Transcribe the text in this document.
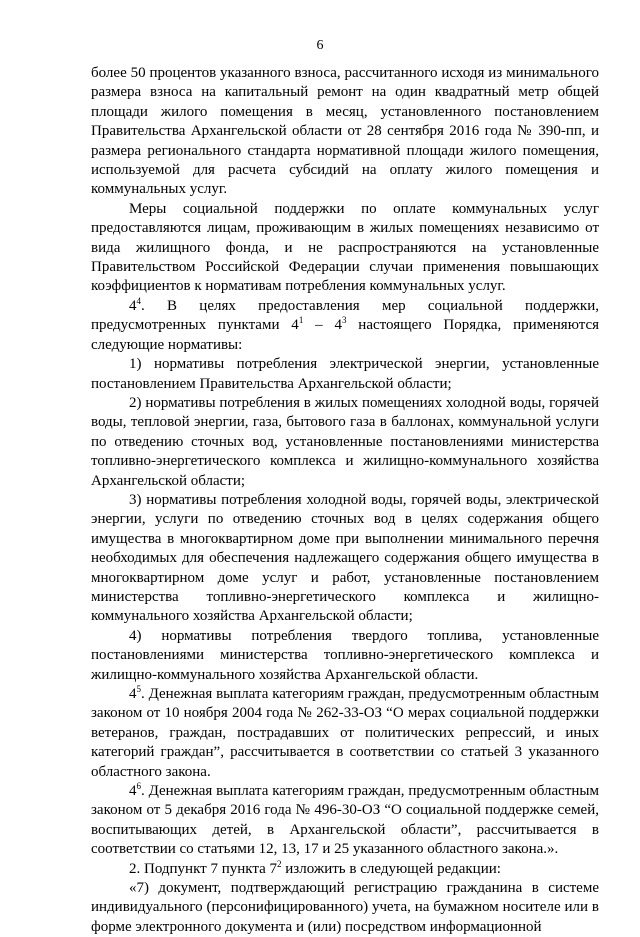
6

более 50 процентов указанного взноса, рассчитанного исходя из минимального размера взноса на капитальный ремонт на один квадратный метр общей площади жилого помещения в месяц, установленного постановлением Правительства Архангельской области от 28 сентября 2016 года № 390-пп, и размера регионального стандарта нормативной площади жилого помещения, используемой для расчета субсидий на оплату жилого помещения и коммунальных услуг.

Меры социальной поддержки по оплате коммунальных услуг предоставляются лицам, проживающим в жилых помещениях независимо от вида жилищного фонда, и не распространяются на установленные Правительством Российской Федерации случаи применения повышающих коэффициентов к нормативам потребления коммунальных услуг.

$4^4$. В целях предоставления мер социальной поддержки, предусмотренных пунктами $4^1 - 4^3$ настоящего Порядка, применяются следующие нормативы:

1) нормативы потребления электрической энергии, установленные постановлением Правительства Архангельской области;

2) нормативы потребления в жилых помещениях холодной воды, горячей воды, тепловой энергии, газа, бытового газа в баллонах, коммунальной услуги по отведению сточных вод, установленные постановлениями министерства топливно-энергетического комплекса и жилищно-коммунального хозяйства Архангельской области;

3) нормативы потребления холодной воды, горячей воды, электрической энергии, услуги по отведению сточных вод в целях содержания общего имущества в многоквартирном доме при выполнении минимального перечня необходимых для обеспечения надлежащего содержания общего имущества в многоквартирном доме услуг и работ, установленные постановлением министерства топливно-энергетического комплекса и жилищно-коммунального хозяйства Архангельской области;

4) нормативы потребления твердого топлива, установленные постановлениями министерства топливно-энергетического комплекса и жилищно-коммунального хозяйства Архангельской области.

$4^5$. Денежная выплата категориям граждан, предусмотренным областным законом от 10 ноября 2004 года № 262-33-ОЗ “О мерах социальной поддержки ветеранов, граждан, пострадавших от политических репрессий, и иных категорий граждан”, рассчитывается в соответствии со статьей 3 указанного областного закона.

$4^6$. Денежная выплата категориям граждан, предусмотренным областным законом от 5 декабря 2016 года № 496-30-ОЗ “О социальной поддержке семей, воспитывающих детей, в Архангельской области”, рассчитывается в соответствии со статьями 12, 13, 17 и 25 указанного областного закона.».

2. Подпункт 7 пункта $7^2$ изложить в следующей редакции:

«7) документ, подтверждающий регистрацию гражданина в системе индивидуального (персонифицированного) учета, на бумажном носителе или в форме электронного документа и (или) посредством информационной
